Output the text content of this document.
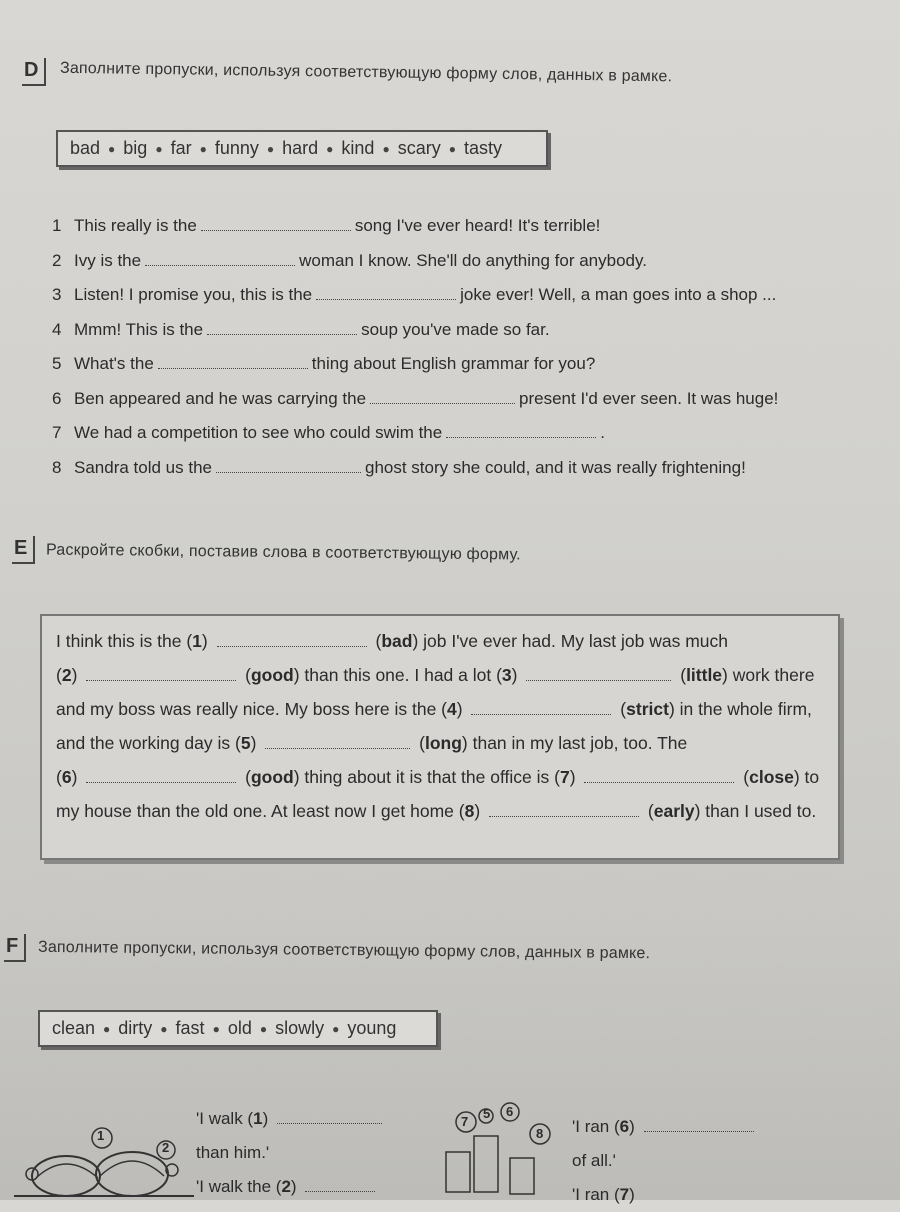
D	Заполните пропуски, используя соответствующую форму слов, данных в рамке.
bad ● big ● far ● funny ● hard ● kind ● scary ● tasty
1 This really is the	song I've ever heard! It's terrible!
2 Ivy is the	woman I know. She'll do anything for anybody.
3 Listen! I promise you, this is the	joke ever! Well, a man goes into a shop ...
4 Mmm! This is the	soup you've made so far.
5 What's the	thing about English grammar for you?
6 Ben appeared and he was carrying the	present I'd ever seen. It was huge!
7 We had a competition to see who could swim the	.
8 Sandra told us the	ghost story she could, and it was really frightening!
E	Раскройте скобки, поставив слова в соответствующую форму.
I think this is the (1)	(bad) job I've ever had. My last job was much
(2)	(good) than this one. I had a lot (3)	(little) work there
and my boss was really nice. My boss here is the (4)	(strict) in the whole firm,
and the working day is (5)	(long) than in my last job, too. The
(6)	(good) thing about it is that the office is (7)	(close) to
my house than the old one. At least now I get home (8)	(early) than I used to.
F	Заполните пропуски, используя соответствующую форму слов, данных в рамке.
clean ● dirty ● fast ● old ● slowly ● young
1
2
'I walk (1)
than him.'
'I walk the (2)
7
8
5 6
'I ran (6)
of all.'
'I ran (7)
